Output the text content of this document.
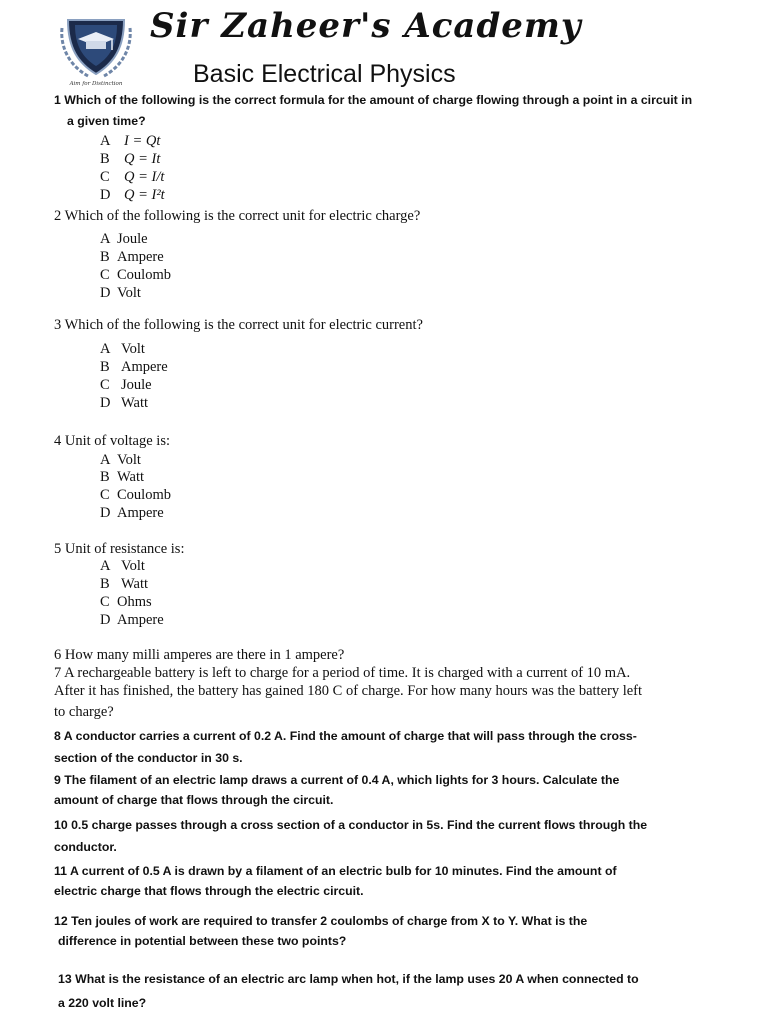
Aim for Distinction
Sir Zaheer's Academy
Basic Electrical Physics
1 Which of the following is the correct formula for the amount of charge flowing through a point in a circuit in
a given time?
A I = Qt
B Q = It
C Q = I/t
D Q = I²t
2 Which of the following is the correct unit for electric charge?
A Joule
B Ampere
C Coulomb
D Volt
3 Which of the following is the correct unit for electric current?
A Volt
B Ampere
C Joule
D Watt
4 Unit of voltage is:
A Volt
B Watt
C Coulomb
D Ampere
5 Unit of resistance is:
A Volt
B Watt
C Ohms
D Ampere
6 How many milli amperes are there in 1 ampere?
7 A rechargeable battery is left to charge for a period of time. It is charged with a current of 10 mA.
After it has finished, the battery has gained 180 C of charge. For how many hours was the battery left
to charge?
8 A conductor carries a current of 0.2 A. Find the amount of charge that will pass through the cross-
section of the conductor in 30 s.
9 The filament of an electric lamp draws a current of 0.4 A, which lights for 3 hours. Calculate the
amount of charge that flows through the circuit.
10 0.5 charge passes through a cross section of a conductor in 5s. Find the current flows through the
conductor.
11 A current of 0.5 A is drawn by a filament of an electric bulb for 10 minutes. Find the amount of
electric charge that flows through the electric circuit.
12 Ten joules of work are required to transfer 2 coulombs of charge from X to Y. What is the
difference in potential between these two points?
13 What is the resistance of an electric arc lamp when hot, if the lamp uses 20 A when connected to
a 220 volt line?
